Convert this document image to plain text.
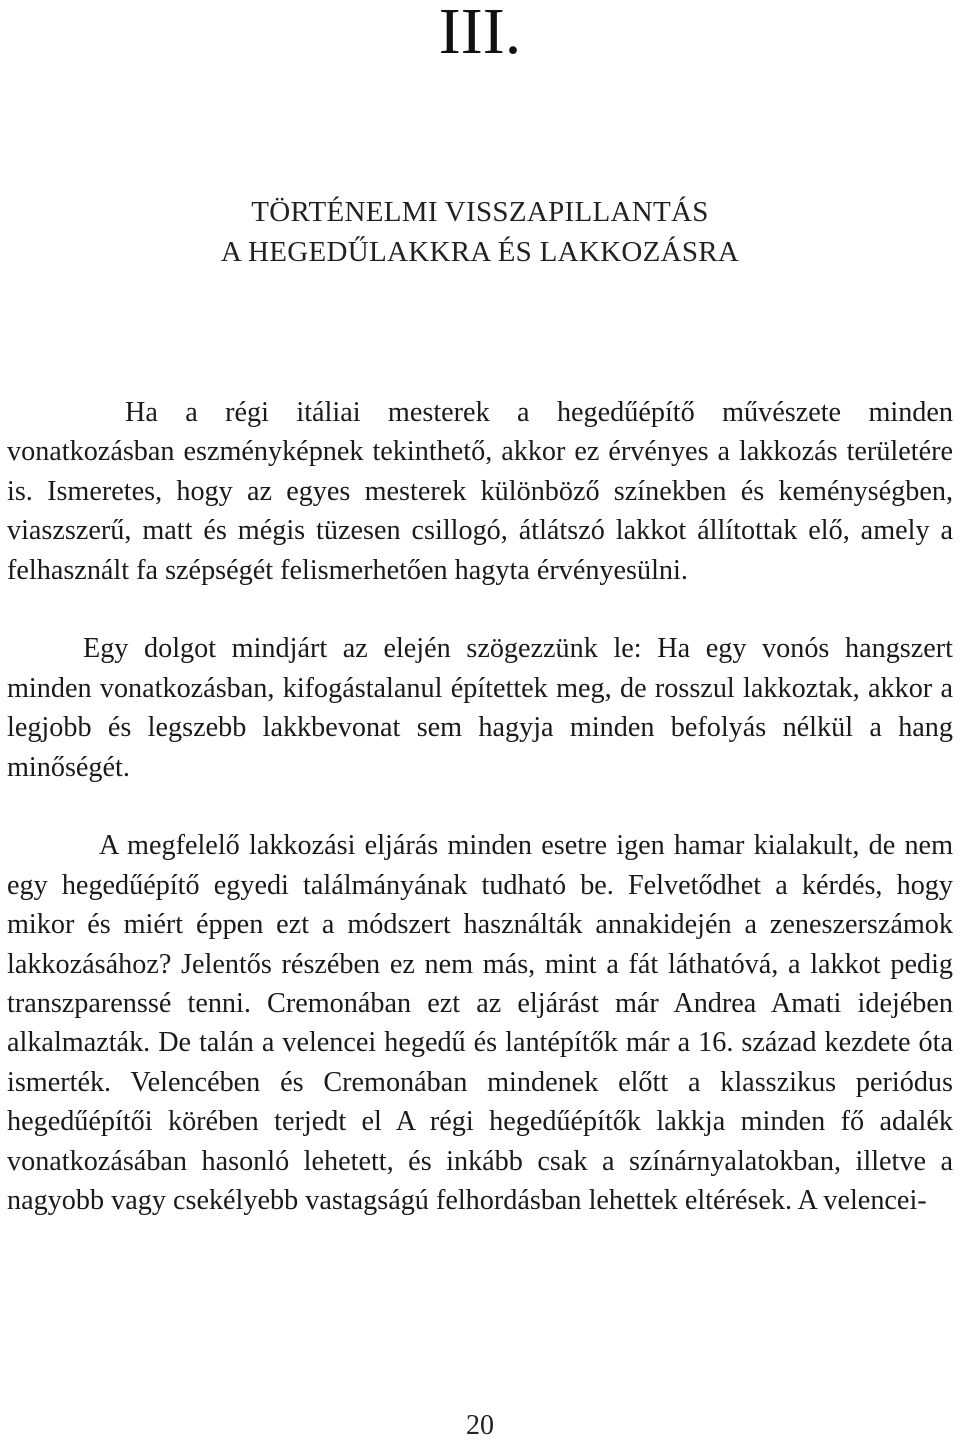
III.
TÖRTÉNELMI VISSZAPILLANTÁS
A HEGEDŰLAKKRA ÉS LAKKOZÁSRA

Ha a régi itáliai mesterek a hegedűépítő művészete minden vonatkozásban eszményképnek tekinthető, akkor ez érvényes a lakkozás területére is. Ismeretes, hogy az egyes mesterek különböző színekben és keménységben, viaszszerű, matt és mégis tüzesen csillogó, átlátszó lakkot állítottak elő, amely a felhasznált fa szépségét felismerhetően hagyta érvényesülni.

Egy dolgot mindjárt az elején szögezzünk le: Ha egy vonós hangszert minden vonatkozásban, kifogástalanul építettek meg, de rosszul lakkoztak, akkor a legjobb és legszebb lakkbevonat sem hagyja minden befolyás nélkül a hang minőségét.

A megfelelő lakkozási eljárás minden esetre igen hamar kialakult, de nem egy hegedűépítő egyedi találmányának tudható be. Felvetődhet a kérdés, hogy mikor és miért éppen ezt a módszert használták annakidején a zeneszerszámok lakkozásához? Jelentős részében ez nem más, mint a fát láthatóvá, a lakkot pedig transzparenssé tenni. Cremonában ezt az eljárást már Andrea Amati idejében alkalmazták. De talán a velencei hegedű és lantépítők már a 16. század kezdete óta ismerték. Velencében és Cremonában mindenek előtt a klasszikus periódus hegedűépítői körében terjedt el A régi hegedűépítők lakkja minden fő adalék vonatkozásában hasonló lehetett, és inkább csak a színárnyalatokban, illetve a nagyobb vagy csekélyebb vastagságú felhordásban lehettek eltérések. A velencei-

20
